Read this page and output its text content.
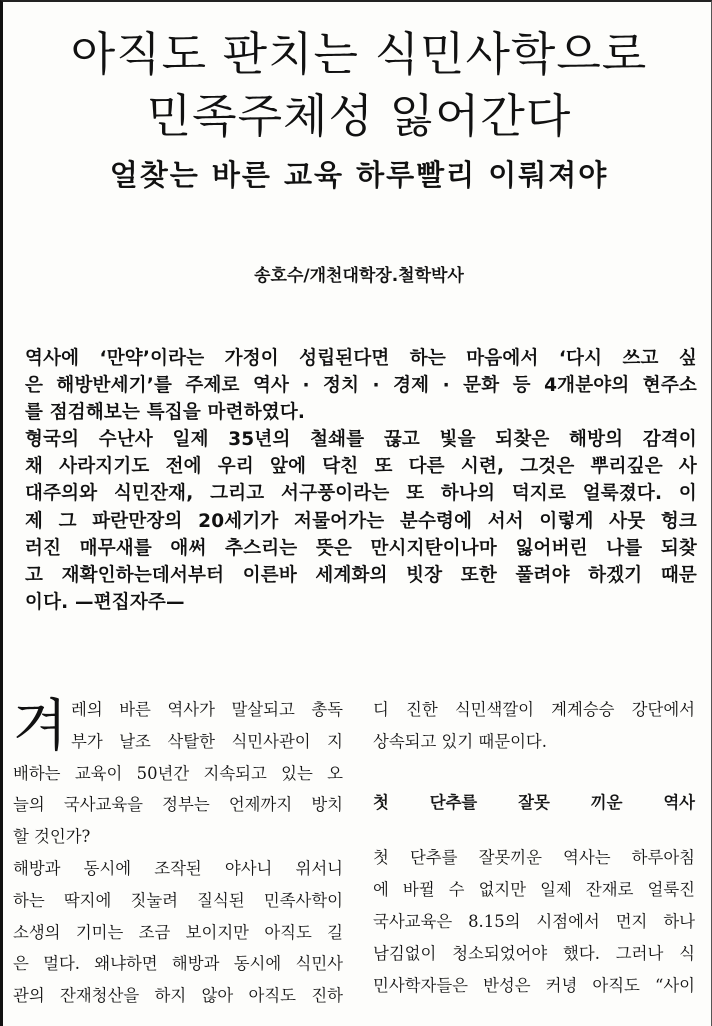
아직도 판치는 식민사학으로
민족주체성 잃어간다
얼찾는 바른 교육 하루빨리 이뤄져야
송호수/개천대학장.철학박사

역사에 ‘만약’이라는 가정이 성립된다면 하는 마음에서 ‘다시 쓰고 싶

은 해방반세기’를 주제로 역사 · 정치 · 경제 · 문화 등 4개분야의 현주소

를 점검해보는 특집을 마련하였다.

형국의 수난사 일제 35년의 철쇄를 끊고 빛을 되찾은 해방의 감격이

채 사라지기도 전에 우리 앞에 닥친 또 다른 시련, 그것은 뿌리깊은 사

대주의와 식민잔재, 그리고 서구풍이라는 또 하나의 덕지로 얼룩졌다. 이

제 그 파란만장의 20세기가 저물어가는 분수령에 서서 이렇게 사뭇 헝크

러진 매무새를 애써 추스리는 뜻은 만시지탄이나마 잃어버린 나를 되찾

고 재확인하는데서부터 이른바 세계화의 빗장 또한 풀려야 하겠기 때문

이다. —편집자주—

겨 레의 바른 역사가 말살되고 총독

부가 날조 삭탈한 식민사관이 지

배하는 교육이 50년간 지속되고 있는 오

늘의 국사교육을 정부는 언제까지 방치

할 것인가?

해방과 동시에 조작된 야사니 위서니

하는 딱지에 짓눌려 질식된 민족사학이

소생의 기미는 조금 보이지만 아직도 길

은 멀다. 왜냐하면 해방과 동시에 식민사

관의 잔재청산을 하지 않아 아직도 진하

디 진한 식민색깔이 계계승승 강단에서

상속되고 있기 때문이다.

첫 단추를 잘못 끼운 역사

첫 단추를 잘못끼운 역사는 하루아침

에 바뀔 수 없지만 일제 잔재로 얼룩진

국사교육은 8.15의 시점에서 먼지 하나

남김없이 청소되었어야 했다. 그러나 식

민사학자들은 반성은 커녕 아직도 “사이
